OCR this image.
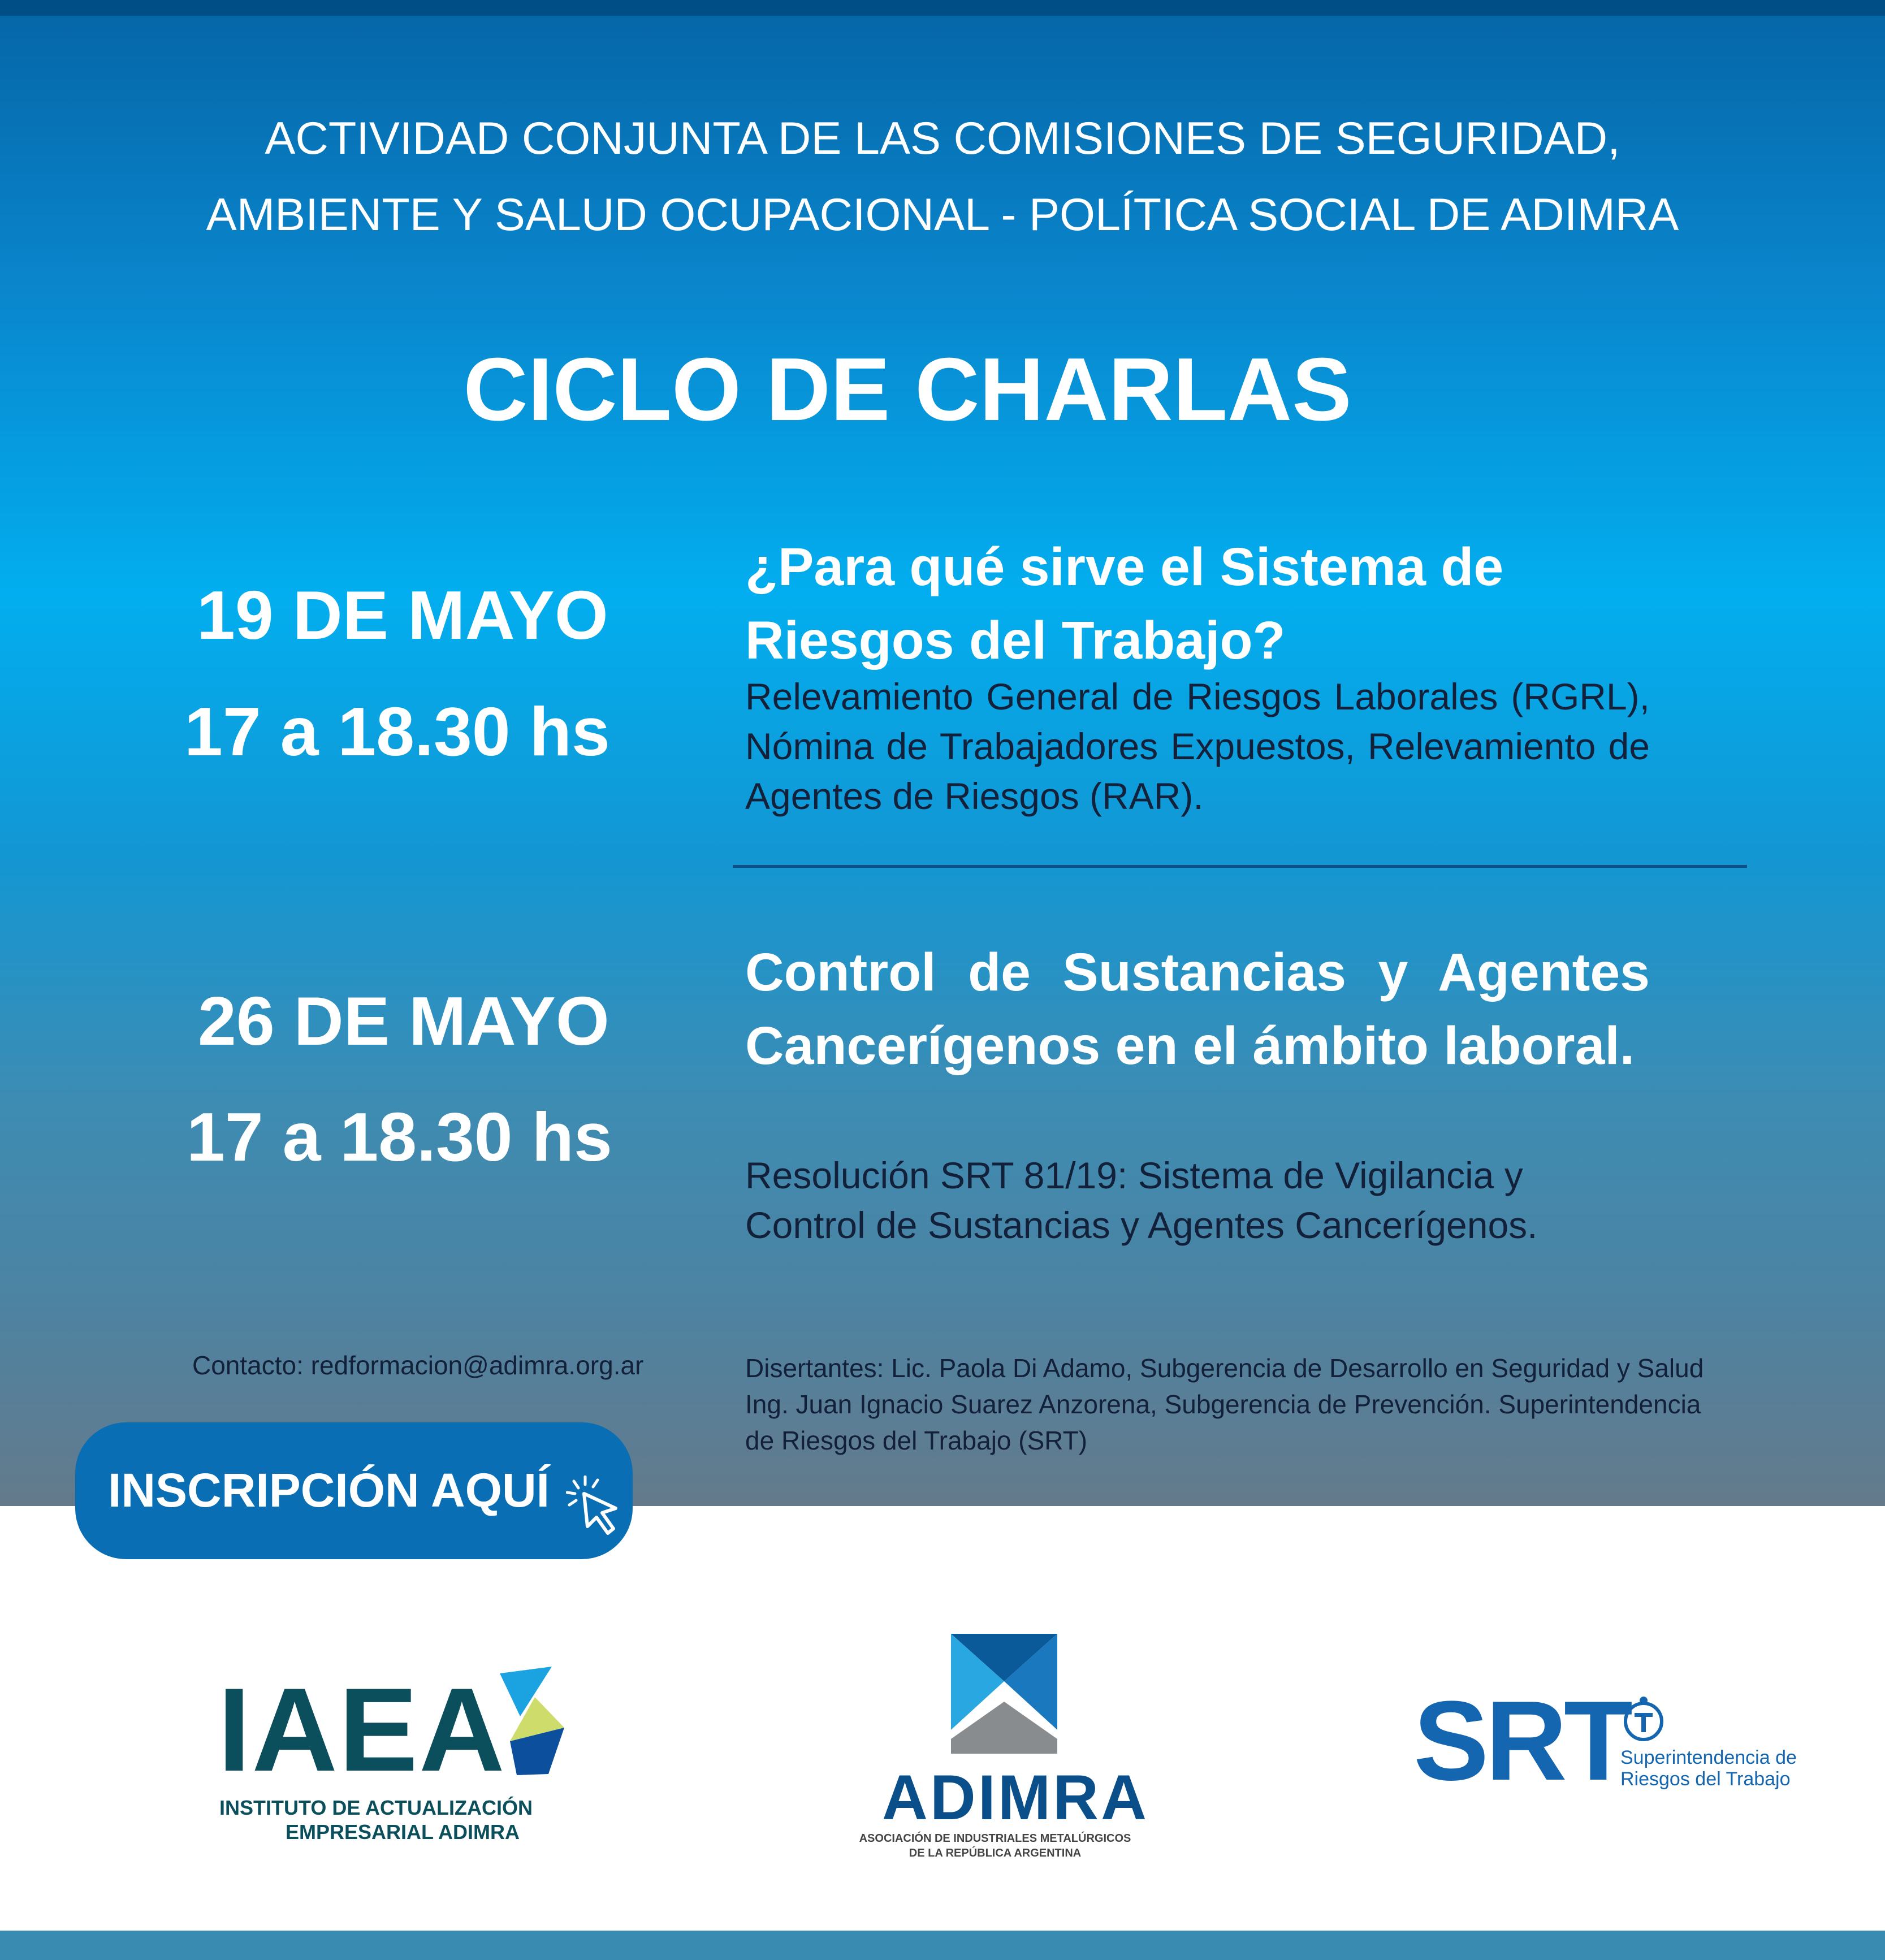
ACTIVIDAD CONJUNTA DE LAS COMISIONES DE SEGURIDAD,
AMBIENTE Y SALUD OCUPACIONAL - POLÍTICA SOCIAL DE ADIMRA
CICLO DE CHARLAS
19 DE MAYO
17 a 18.30 hs
¿Para qué sirve el Sistema de Riesgos del Trabajo?
Relevamiento General de Riesgos Laborales (RGRL), Nómina de Trabajadores Expuestos, Relevamiento de Agentes de Riesgos (RAR).
26 DE MAYO
17 a 18.30 hs
Control de Sustancias y Agentes Cancerígenos en el ámbito laboral.
Resolución SRT 81/19: Sistema de Vigilancia y Control de Sustancias y Agentes Cancerígenos.
Contacto: redformacion@adimra.org.ar	Disertantes: Lic. Paola Di Adamo, Subgerencia de Desarrollo en Seguridad y Salud
Ing. Juan Ignacio Suarez Anzorena, Subgerencia de Prevención. Superintendencia
de Riesgos del Trabajo (SRT)
INSCRIPCIÓN AQUÍ
IAEA
INSTITUTO DE ACTUALIZACIÓN
EMPRESARIAL ADIMRA	ADIMRA
ASOCIACIÓN DE INDUSTRIALES METALÚRGICOS
DE LA REPÚBLICA ARGENTINA
SRT
Superintendencia de
Riesgos del Trabajo
